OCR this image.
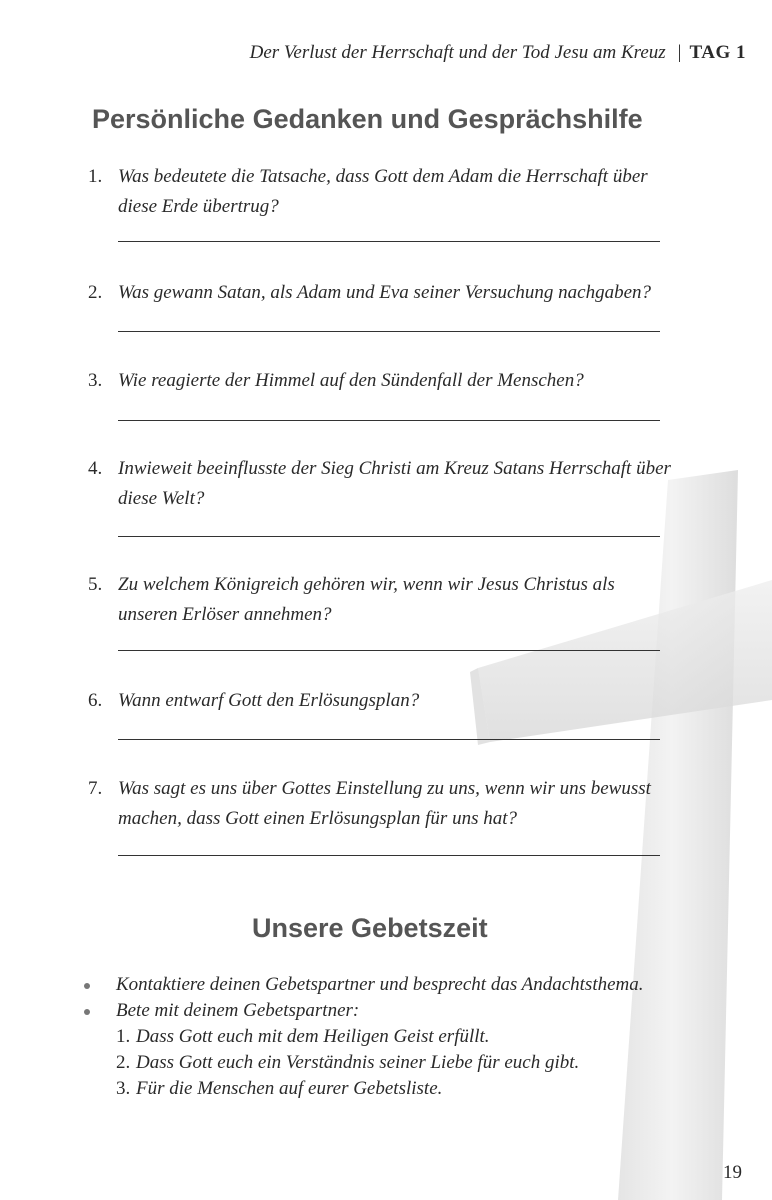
Der Verlust der Herrschaft und der Tod Jesu am Kreuz | TAG 1
Persönliche Gedanken und Gesprächshilfe
1. Was bedeutete die Tatsache, dass Gott dem Adam die Herrschaft über diese Erde übertrug?
2. Was gewann Satan, als Adam und Eva seiner Versuchung nachgaben?
3. Wie reagierte der Himmel auf den Sündenfall der Menschen?
4. Inwieweit beeinflusste der Sieg Christi am Kreuz Satans Herrschaft über diese Welt?
5. Zu welchem Königreich gehören wir, wenn wir Jesus Christus als unseren Erlöser annehmen?
6. Wann entwarf Gott den Erlösungsplan?
7. Was sagt es uns über Gottes Einstellung zu uns, wenn wir uns bewusst machen, dass Gott einen Erlösungsplan für uns hat?
Unsere Gebetszeit
Kontaktiere deinen Gebetspartner und besprecht das Andachtsthema.
Bete mit deinem Gebetspartner:
1. Dass Gott euch mit dem Heiligen Geist erfüllt.
2. Dass Gott euch ein Verständnis seiner Liebe für euch gibt.
3. Für die Menschen auf eurer Gebetsliste.
19
